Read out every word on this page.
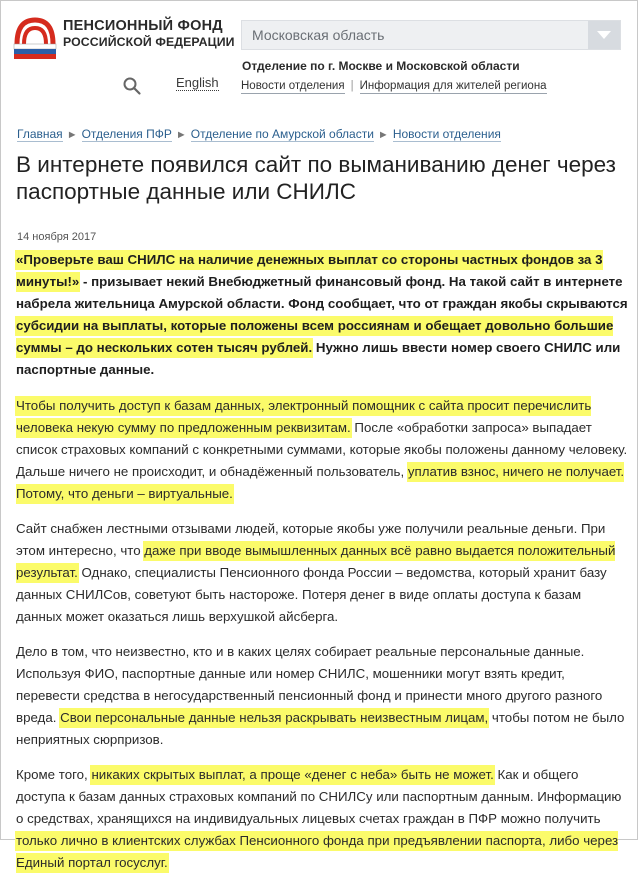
ПЕНСИОННЫЙ ФОНД
РОССИЙСКОЙ ФЕДЕРАЦИИ Московская область
Отделение по г. Москве и Московской области
English Новости отделения | Информация для жителей региона
Главная ► Отделения ПФР ► Отделение по Амурской области ► Новости отделения
В интернете появился сайт по выманиванию денег через паспортные данные или СНИЛС
14 ноября 2017

«Проверьте ваш СНИЛС на наличие денежных выплат со стороны частных фондов за 3 минуты!» - призывает некий Внебюджетный финансовый фонд. На такой сайт в интернете набрела жительница Амурской области. Фонд сообщает, что от граждан якобы скрываются субсидии на выплаты, которые положены всем россиянам и обещает довольно большие суммы – до нескольких сотен тысяч рублей. Нужно лишь ввести номер своего СНИЛС или паспортные данные.

Чтобы получить доступ к базам данных, электронный помощник с сайта просит перечислить человека некую сумму по предложенным реквизитам. После «обработки запроса» выпадает список страховых компаний с конкретными суммами, которые якобы положены данному человеку. Дальше ничего не происходит, и обнадёженный пользователь, уплатив взнос, ничего не получает. Потому, что деньги – виртуальные.

Сайт снабжен лестными отзывами людей, которые якобы уже получили реальные деньги. При этом интересно, что даже при вводе вымышленных данных всё равно выдается положительный результат. Однако, специалисты Пенсионного фонда России – ведомства, который хранит базу данных СНИЛСов, советуют быть настороже. Потеря денег в виде оплаты доступа к базам данных может оказаться лишь верхушкой айсберга.

Дело в том, что неизвестно, кто и в каких целях собирает реальные персональные данные. Используя ФИО, паспортные данные или номер СНИЛС, мошенники могут взять кредит, перевести средства в негосударственный пенсионный фонд и принести много другого разного вреда. Свои персональные данные нельзя раскрывать неизвестным лицам, чтобы потом не было неприятных сюрпризов.

Кроме того, никаких скрытых выплат, а проще «денег с неба» быть не может. Как и общего доступа к базам данных страховых компаний по СНИЛСу или паспортным данным. Информацию о средствах, хранящихся на индивидуальных лицевых счетах граждан в ПФР можно получить только лично в клиентских службах Пенсионного фонда при предъявлении паспорта, либо через Единый портал госуслуг.
